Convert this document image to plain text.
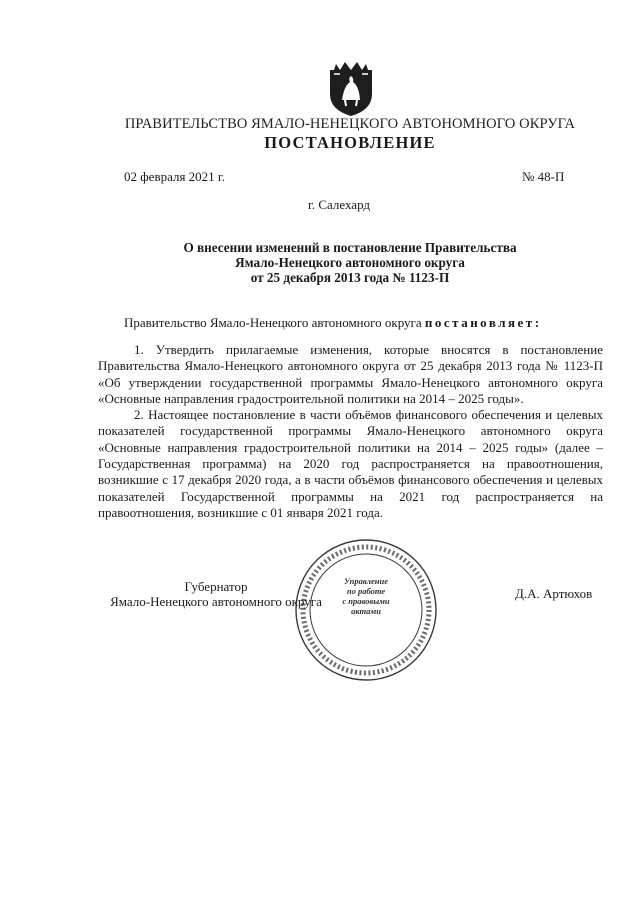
ПРАВИТЕЛЬСТВО ЯМАЛО-НЕНЕЦКОГО АВТОНОМНОГО ОКРУГА
ПОСТАНОВЛЕНИЕ
02 февраля 2021 г.	№ 48-П
г. Салехард
О внесении изменений в постановление Правительства
Ямало-Ненецкого автономного округа
от 25 декабря 2013 года № 1123-П
Правительство Ямало-Ненецкого автономного округа постановляет:

1. Утвердить прилагаемые изменения, которые вносятся в постановление Правительства Ямало-Ненецкого автономного округа от 25 декабря 2013 года № 1123-П «Об утверждении государственной программы Ямало-Ненецкого автономного округа «Основные направления градостроительной политики на 2014 – 2025 годы».

2. Настоящее постановление в части объёмов финансового обеспечения и целевых показателей государственной программы Ямало-Ненецкого автономного округа «Основные направления градостроительной политики на 2014 – 2025 годы» (далее – Государственная программа) на 2020 год распространяется на правоотношения, возникшие с 17 декабря 2020 года, а в части объёмов финансового обеспечения и целевых показателей Государственной программы на 2021 год распространяется на правоотношения, возникшие с 01 января 2021 года.

Управление
по работе
с правовыми
актами
Губернатор
Ямало-Ненецкого автономного округа
Д.А. Артюхов
